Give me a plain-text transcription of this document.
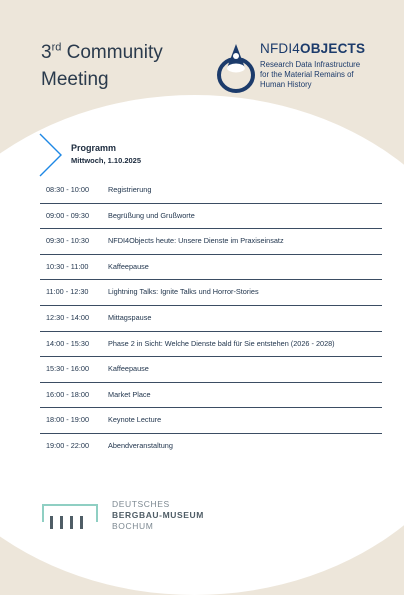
3rd Community
Meeting
NFDI4OBJECTS
Research Data Infrastructure
for the Material Remains of
Human History
Programm
Mittwoch, 1.10.2025
08:30 - 10:00	Registrierung
09:00 - 09:30	Begrüßung und Grußworte
09:30 - 10:30	NFDI4Objects heute: Unsere Dienste im Praxiseinsatz
10:30 - 11:00	Kaffeepause
11:00 - 12:30	Lightning Talks: Ignite Talks und Horror-Stories
12:30 - 14:00	Mittagspause
14:00 - 15:30	Phase 2 in Sicht: Welche Dienste bald für Sie entstehen (2026 - 2028)
15:30 - 16:00	Kaffeepause
16:00 - 18:00	Market Place
18:00 - 19:00	Keynote Lecture
19:00 - 22:00	Abendveranstaltung
DEUTSCHES
BERGBAU-MUSEUM
BOCHUM
